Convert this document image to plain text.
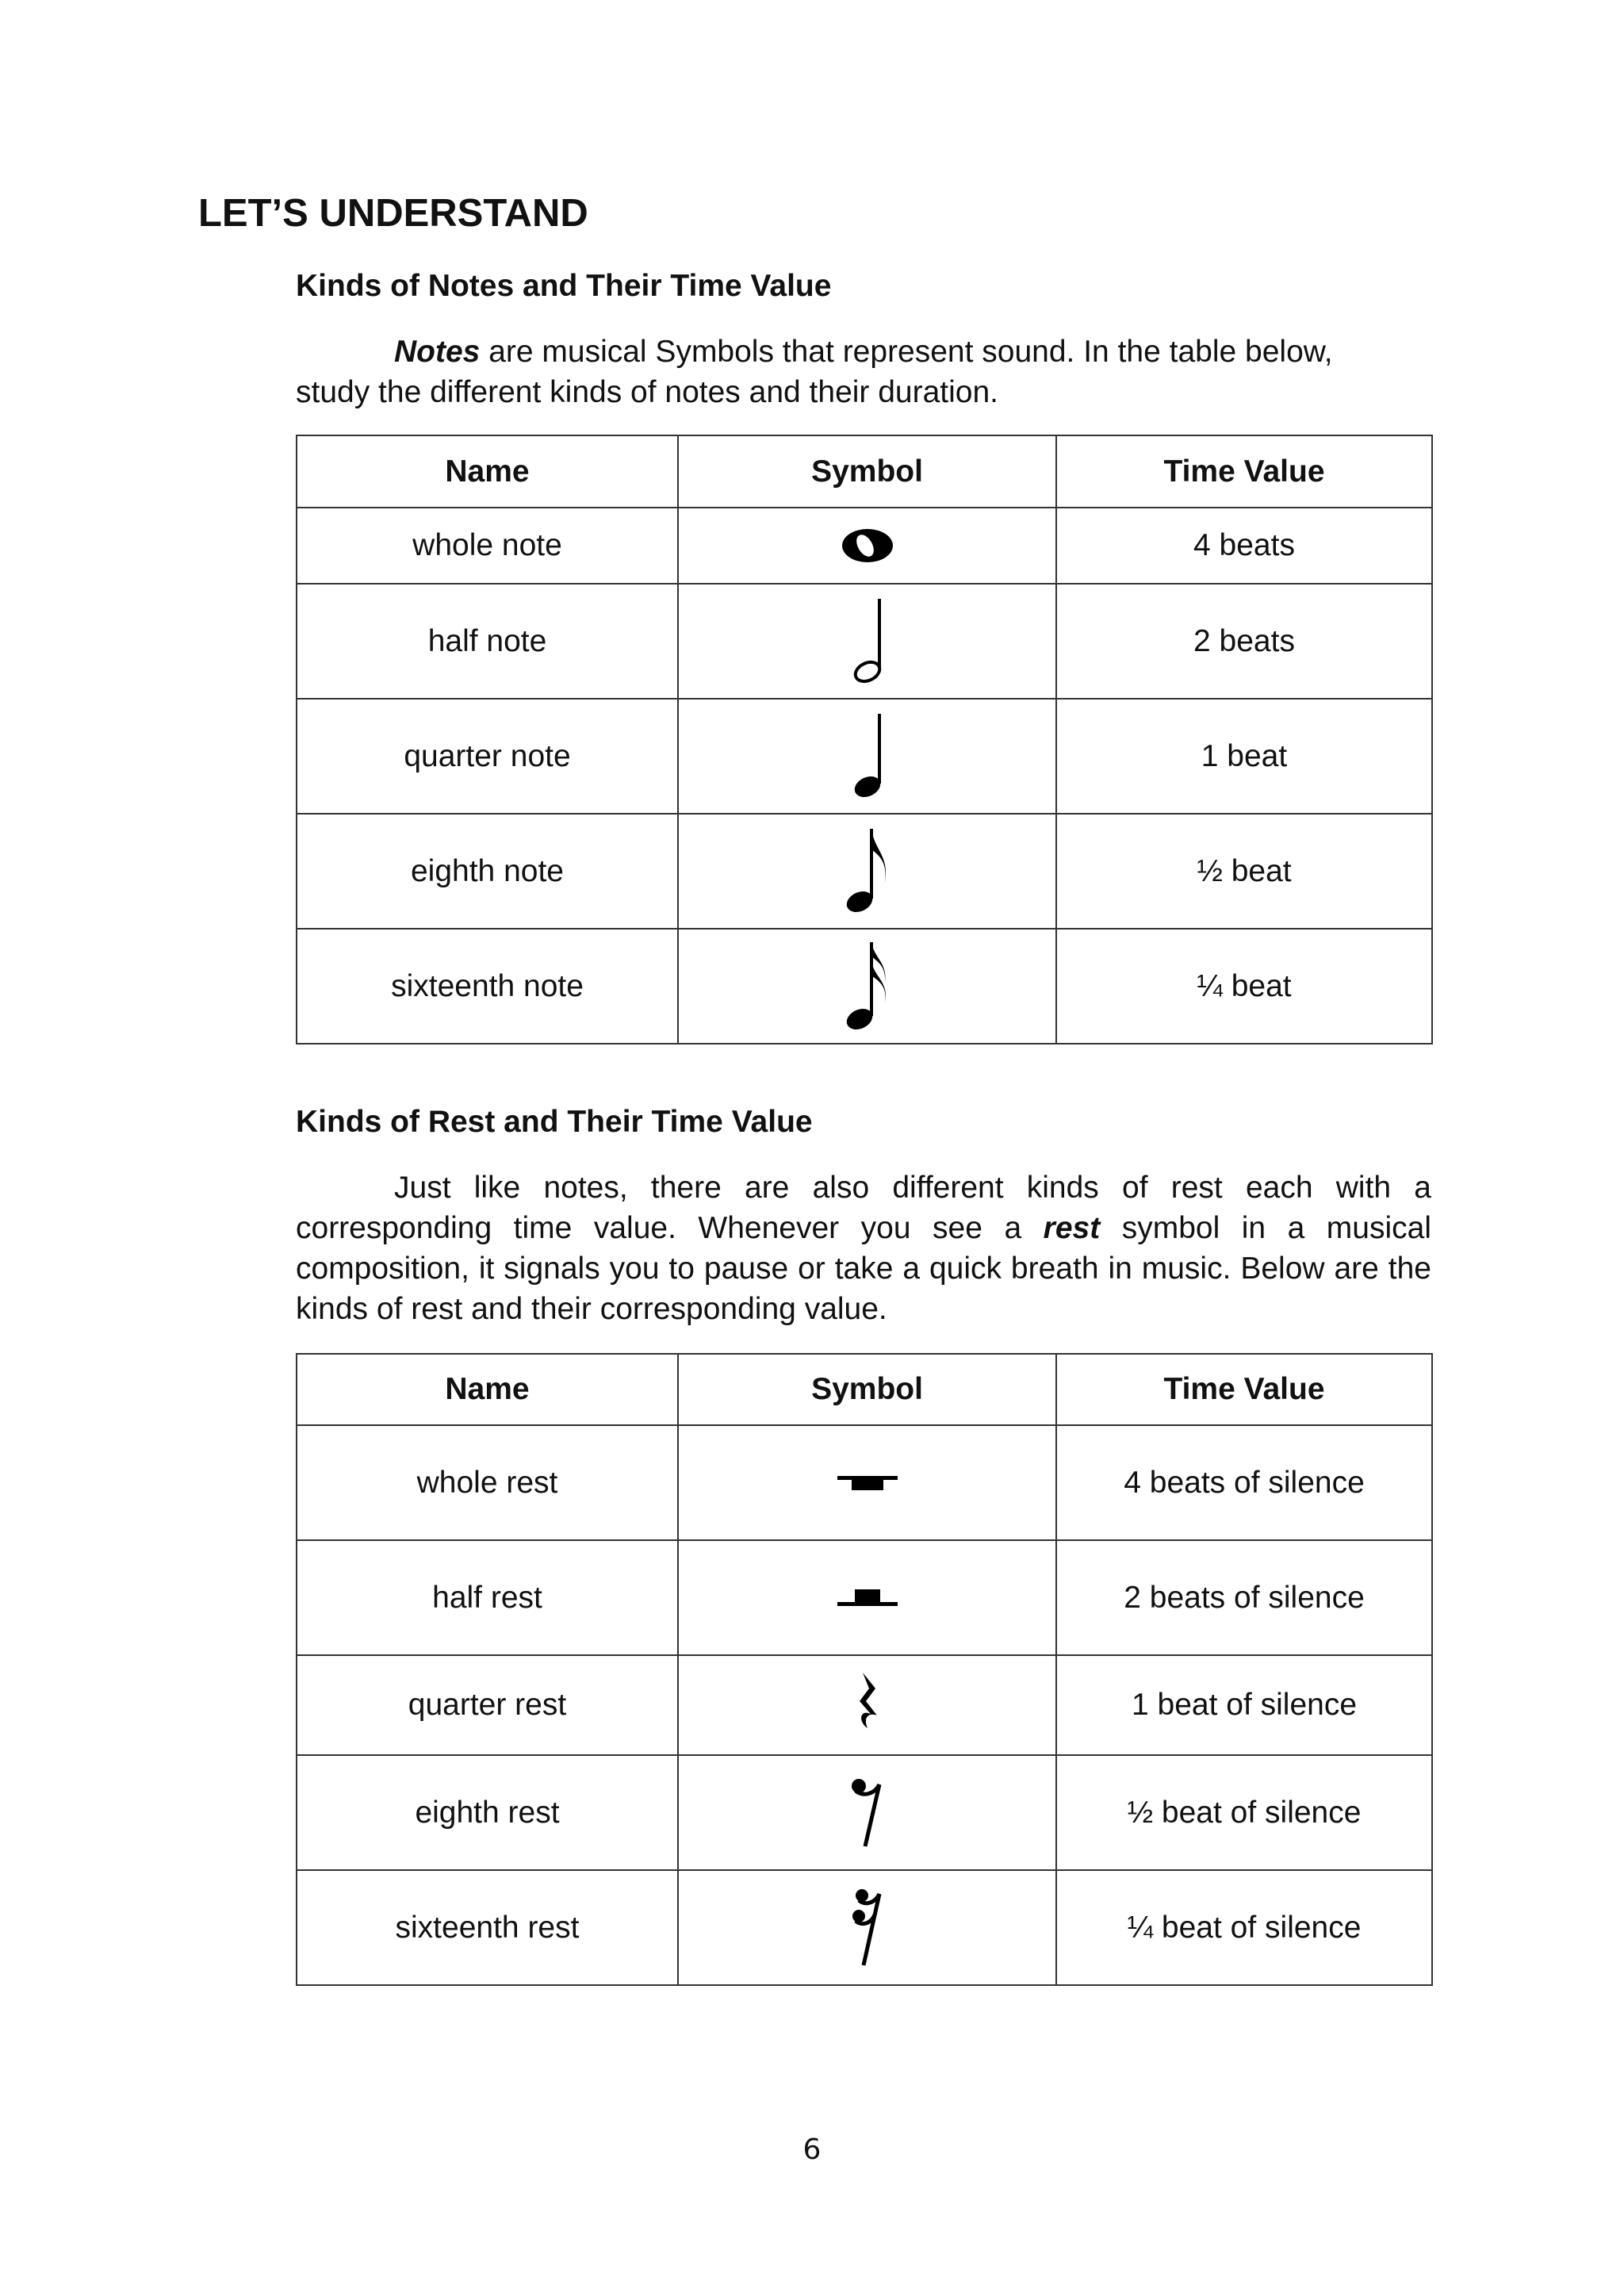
LET’S UNDERSTAND
Kinds of Notes and Their Time Value

Notes are musical Symbols that represent sound. In the table below,
study the different kinds of notes and their duration.

Name	Symbol	Time Value
whole note		4 beats
half note		2 beats
quarter note		1 beat
eighth note		½ beat
sixteenth note		¼ beat
Kinds of Rest and Their Time Value

Just like notes, there are also different kinds of rest each with a corresponding time value. Whenever you see a rest symbol in a musical composition, it signals you to pause or take a quick breath in music. Below are the kinds of rest and their corresponding value.

Name	Symbol	Time Value
whole rest		4 beats of silence
half rest		2 beats of silence
quarter rest		1 beat of silence
eighth rest		½ beat of silence
sixteenth rest		¼ beat of silence
6
